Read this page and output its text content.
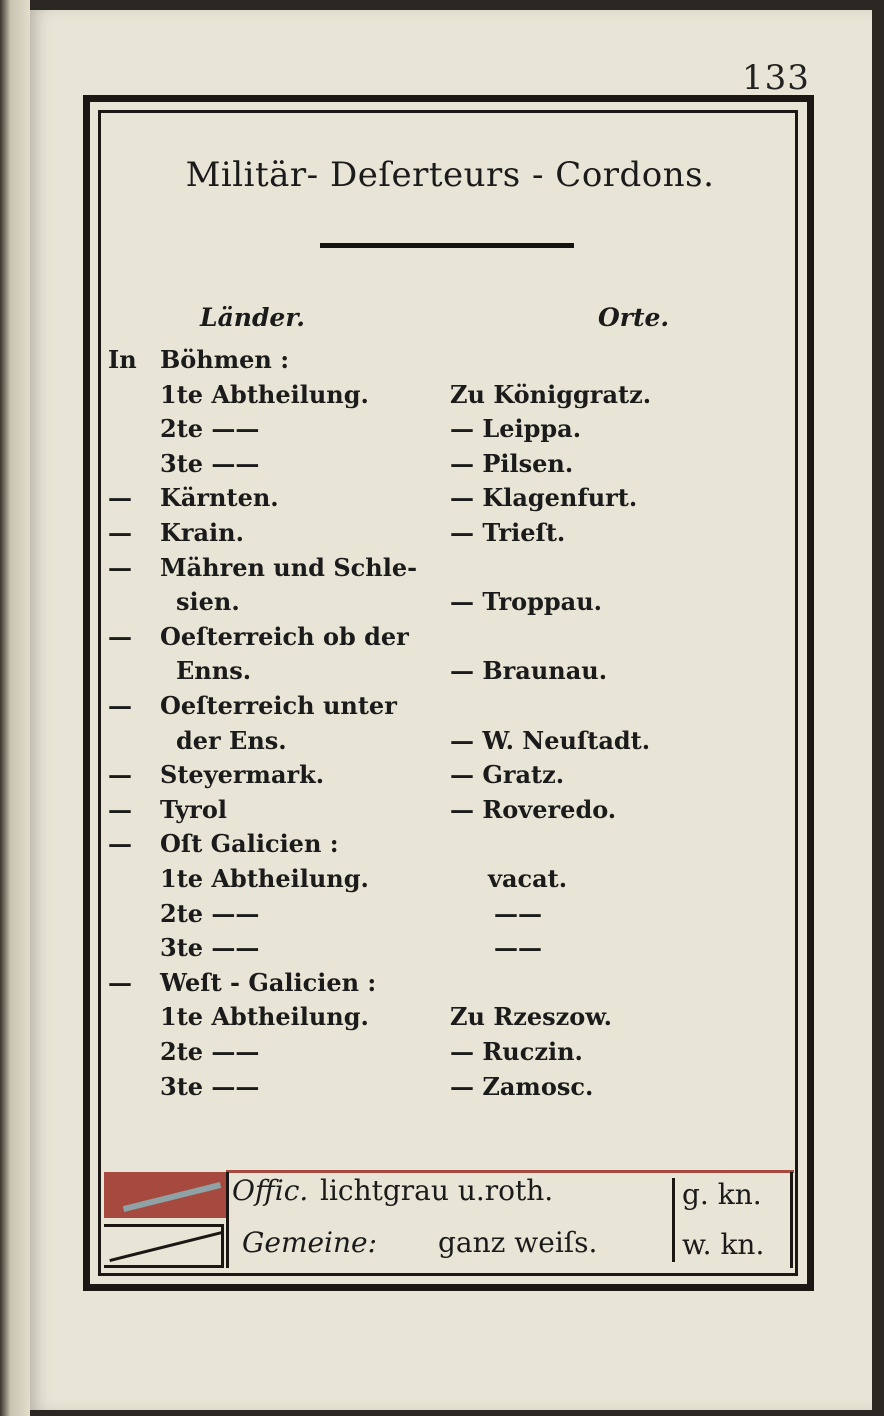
133
Militär- Deſerteurs - Cordons.
Länder.	Orte.
In Böhmen :
1te Abtheilung.	Zu Königgratz.
2te ——	— Leippa.
3te ——	— Pilsen.
—	Kärnten.	— Klagenfurt.
—	Krain.	— Trieſt.
—	Mähren und Schle-
sien.	— Troppau.
—	Oeſterreich ob der
Enns.	— Braunau.
—	Oeſterreich unter
der Ens.	— W. Neuſtadt.
—	Steyermark.	— Gratz.
—	Tyrol	— Roveredo.
—	Oſt Galicien :
1te Abtheilung.	vacat.
2te ——	——
3te ——	——
—	Weſt - Galicien :
1te Abtheilung.	Zu Rzeszow.
2te ——	— Ruczin.
3te ——	— Zamosc.
Offic. lichtgrau u.roth.	g. kn.
Gemeine: ganz weiſs.	w. kn.
